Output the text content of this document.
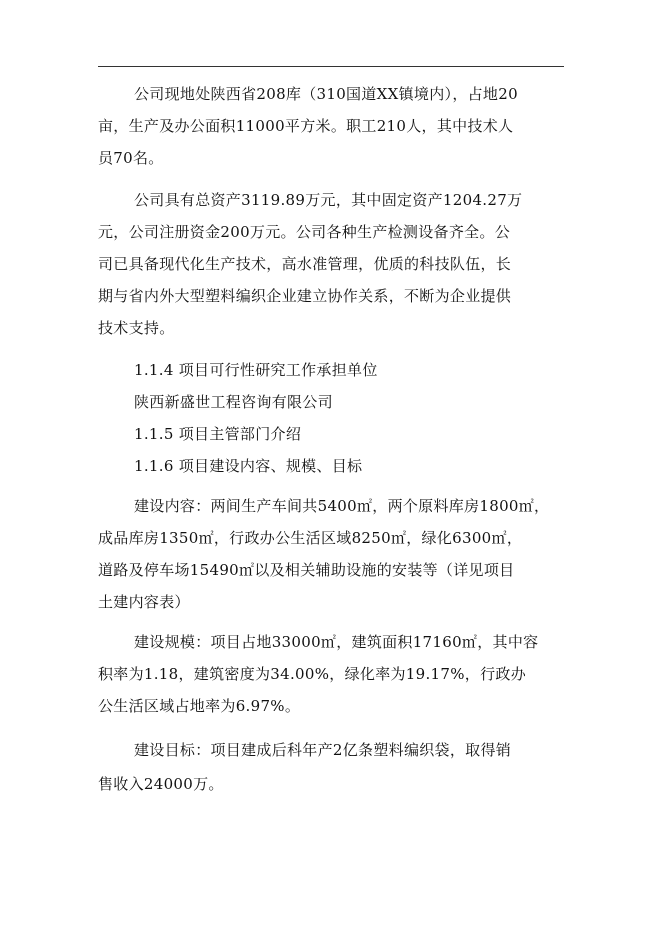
公司现地处陕西省208库（310国道XX镇境内），占地20
亩，生产及办公面积11000平方米。职工210人，其中技术人
员70名。
公司具有总资产3119.89万元，其中固定资产1204.27万
元，公司注册资金200万元。公司各种生产检测设备齐全。公
司已具备现代化生产技术，高水准管理，优质的科技队伍，长
期与省内外大型塑料编织企业建立协作关系，不断为企业提供
技术支持。
1.1.4 项目可行性研究工作承担单位
陕西新盛世工程咨询有限公司
1.1.5 项目主管部门介绍
1.1.6 项目建设内容、规模、目标
建设内容：两间生产车间共5400㎡，两个原料库房1800㎡，
成品库房1350㎡，行政办公生活区域8250㎡，绿化6300㎡，
道路及停车场15490㎡以及相关辅助设施的安装等（详见项目
土建内容表）
建设规模：项目占地33000㎡，建筑面积17160㎡，其中容
积率为1.18，建筑密度为34.00%，绿化率为19.17%，行政办
公生活区域占地率为6.97%。
建设目标：项目建成后科年产2亿条塑料编织袋，取得销
售收入24000万。
